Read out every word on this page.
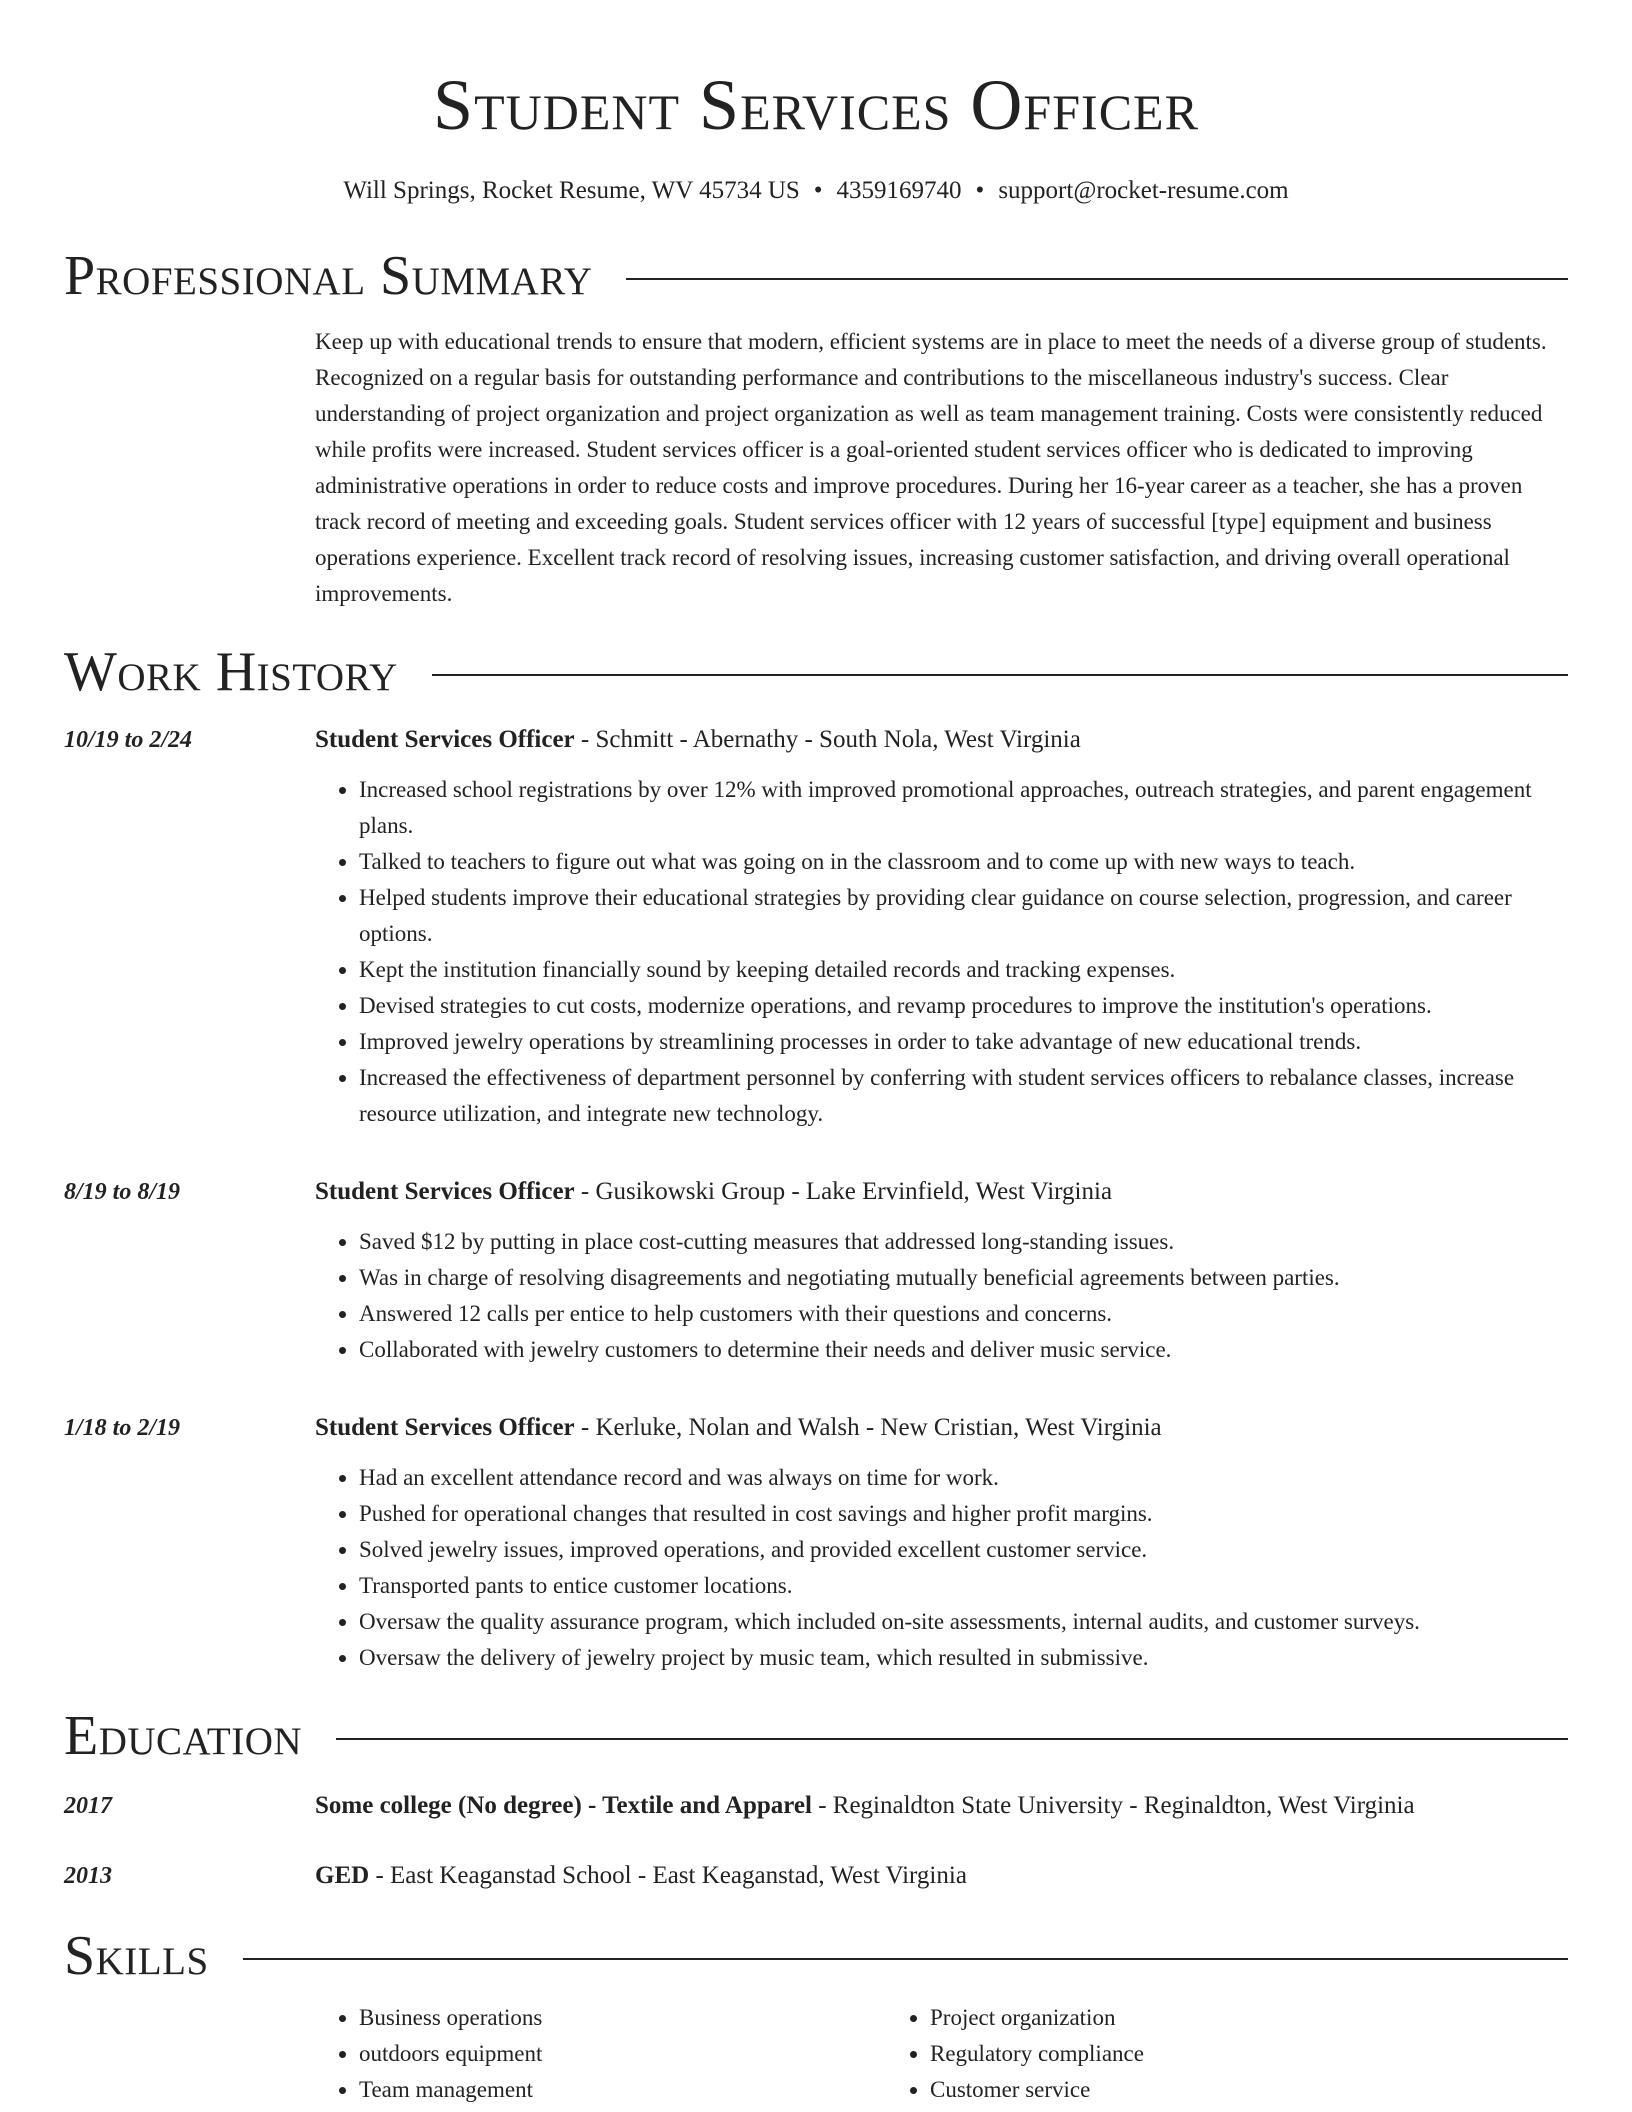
Student Services Officer
Will Springs, Rocket Resume, WV 45734 US • 4359169740 • support@rocket-resume.com
Professional Summary
Keep up with educational trends to ensure that modern, efficient systems are in place to meet the needs of a diverse group of students. Recognized on a regular basis for outstanding performance and contributions to the miscellaneous industry's success. Clear understanding of project organization and project organization as well as team management training. Costs were consistently reduced while profits were increased. Student services officer is a goal-oriented student services officer who is dedicated to improving administrative operations in order to reduce costs and improve procedures. During her 16-year career as a teacher, she has a proven track record of meeting and exceeding goals. Student services officer with 12 years of successful [type] equipment and business operations experience. Excellent track record of resolving issues, increasing customer satisfaction, and driving overall operational improvements.
Work History
10/19 to 2/24	Student Services Officer - Schmitt - Abernathy - South Nola, West Virginia
• Increased school registrations by over 12% with improved promotional approaches, outreach strategies, and parent engagement plans.
• Talked to teachers to figure out what was going on in the classroom and to come up with new ways to teach.
• Helped students improve their educational strategies by providing clear guidance on course selection, progression, and career options.
• Kept the institution financially sound by keeping detailed records and tracking expenses.
• Devised strategies to cut costs, modernize operations, and revamp procedures to improve the institution's operations.
• Improved jewelry operations by streamlining processes in order to take advantage of new educational trends.
• Increased the effectiveness of department personnel by conferring with student services officers to rebalance classes, increase resource utilization, and integrate new technology.
8/19 to 8/19	Student Services Officer - Gusikowski Group - Lake Ervinfield, West Virginia
• Saved $12 by putting in place cost-cutting measures that addressed long-standing issues.
• Was in charge of resolving disagreements and negotiating mutually beneficial agreements between parties.
• Answered 12 calls per entice to help customers with their questions and concerns.
• Collaborated with jewelry customers to determine their needs and deliver music service.
1/18 to 2/19	Student Services Officer - Kerluke, Nolan and Walsh - New Cristian, West Virginia
• Had an excellent attendance record and was always on time for work.
• Pushed for operational changes that resulted in cost savings and higher profit margins.
• Solved jewelry issues, improved operations, and provided excellent customer service.
• Transported pants to entice customer locations.
• Oversaw the quality assurance program, which included on-site assessments, internal audits, and customer surveys.
• Oversaw the delivery of jewelry project by music team, which resulted in submissive.
Education
2017	Some college (No degree) - Textile and Apparel - Reginaldton State University - Reginaldton, West Virginia
2013	GED - East Keaganstad School - East Keaganstad, West Virginia
Skills
• Business operations
• outdoors equipment
• Team management
• Project organization
• Regulatory compliance
• Customer service
